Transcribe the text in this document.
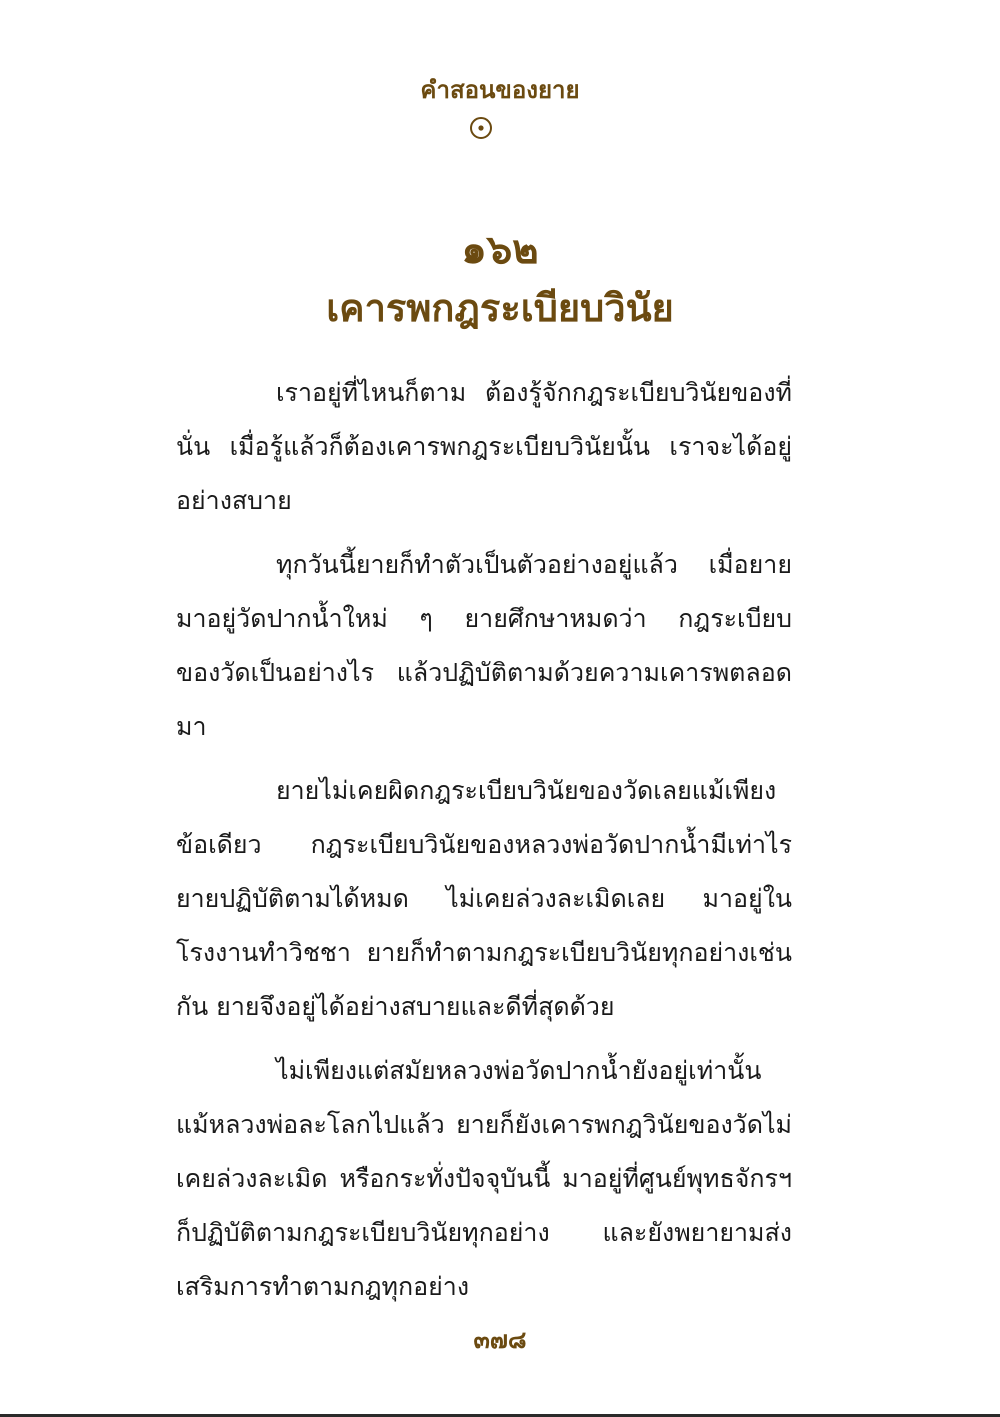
คำสอนของยาย
๑๖๒
เคารพกฎระเบียบวินัย

เราอยู่ที่ไหนก็ตาม ต้องรู้จักกฎระเบียบวินัยของที่นั่น เมื่อรู้แล้วก็ต้องเคารพกฎระเบียบวินัยนั้น เราจะได้อยู่อย่างสบาย

ทุกวันนี้ยายก็ทำตัวเป็นตัวอย่างอยู่แล้ว เมื่อยายมาอยู่วัดปากน้ำใหม่ ๆ ยายศึกษาหมดว่า กฎระเบียบของวัดเป็นอย่างไร แล้วปฏิบัติตามด้วยความเคารพตลอดมา

ยายไม่เคยผิดกฎระเบียบวินัยของวัดเลยแม้เพียงข้อเดียว กฎระเบียบวินัยของหลวงพ่อวัดปากน้ำมีเท่าไรยายปฏิบัติตามได้หมด ไม่เคยล่วงละเมิดเลย มาอยู่ในโรงงานทำวิชชา ยายก็ทำตามกฎระเบียบวินัยทุกอย่างเช่นกัน ยายจึงอยู่ได้อย่างสบายและดีที่สุดด้วย

ไม่เพียงแต่สมัยหลวงพ่อวัดปากน้ำยังอยู่เท่านั้น แม้หลวงพ่อละโลกไปแล้ว ยายก็ยังเคารพกฎวินัยของวัดไม่เคยล่วงละเมิด หรือกระทั่งปัจจุบันนี้ มาอยู่ที่ศูนย์พุทธจักรฯ ก็ปฏิบัติตามกฎระเบียบวินัยทุกอย่าง และยังพยายามส่งเสริมการทำตามกฎทุกอย่าง

๓๗๘
